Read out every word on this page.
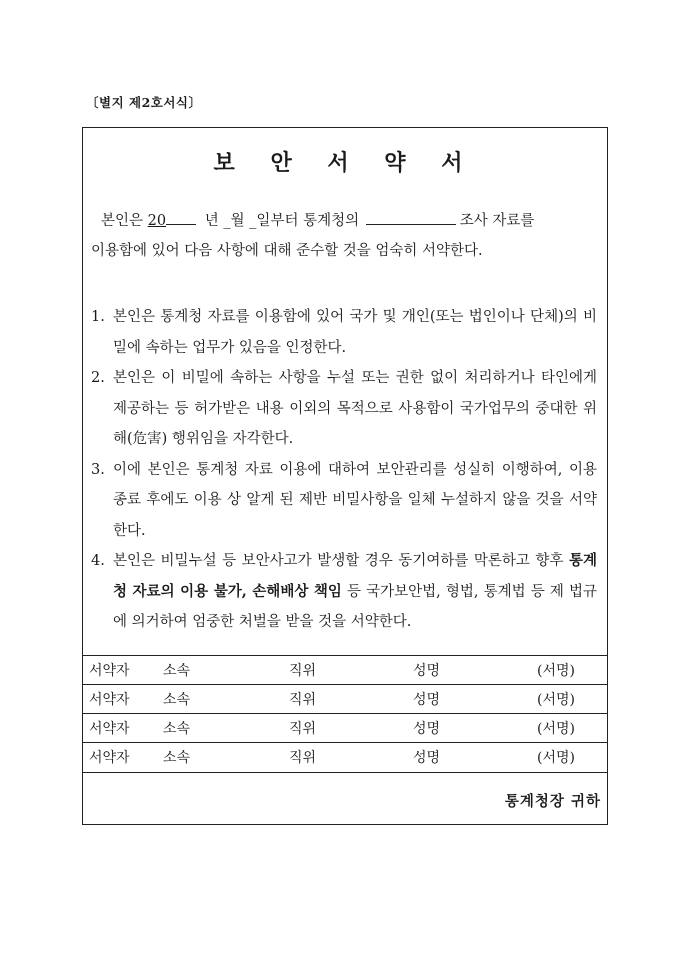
〔별지 제2호서식〕
보 안 서 약 서
본인은 20	년 _월 _일부터 통계청의	조사 자료를
이용함에 있어 다음 사항에 대해 준수할 것을 엄숙히 서약한다.
1. 본인은 통계청 자료를 이용함에 있어 국가 및 개인(또는 법인이나 단체)의 비밀에 속하는 업무가 있음을 인정한다.
2. 본인은 이 비밀에 속하는 사항을 누설 또는 권한 없이 처리하거나 타인에게 제공하는 등 허가받은 내용 이외의 목적으로 사용함이 국가업무의 중대한 위해(危害) 행위임을 자각한다.
3. 이에 본인은 통계청 자료 이용에 대하여 보안관리를 성실히 이행하여, 이용 종료 후에도 이용 상 알게 된 제반 비밀사항을 일체 누설하지 않을 것을 서약한다.
4. 본인은 비밀누설 등 보안사고가 발생할 경우 동기여하를 막론하고 향후 통계청 자료의 이용 불가, 손해배상 책임 등 국가보안법, 형법, 통계법 등 제 법규에 의거하여 엄중한 처벌을 받을 것을 서약한다.
서약자	소속	직위	성명	(서명)
서약자	소속	직위	성명	(서명)
서약자	소속	직위	성명	(서명)
서약자	소속	직위	성명	(서명)
통계청장 귀하
